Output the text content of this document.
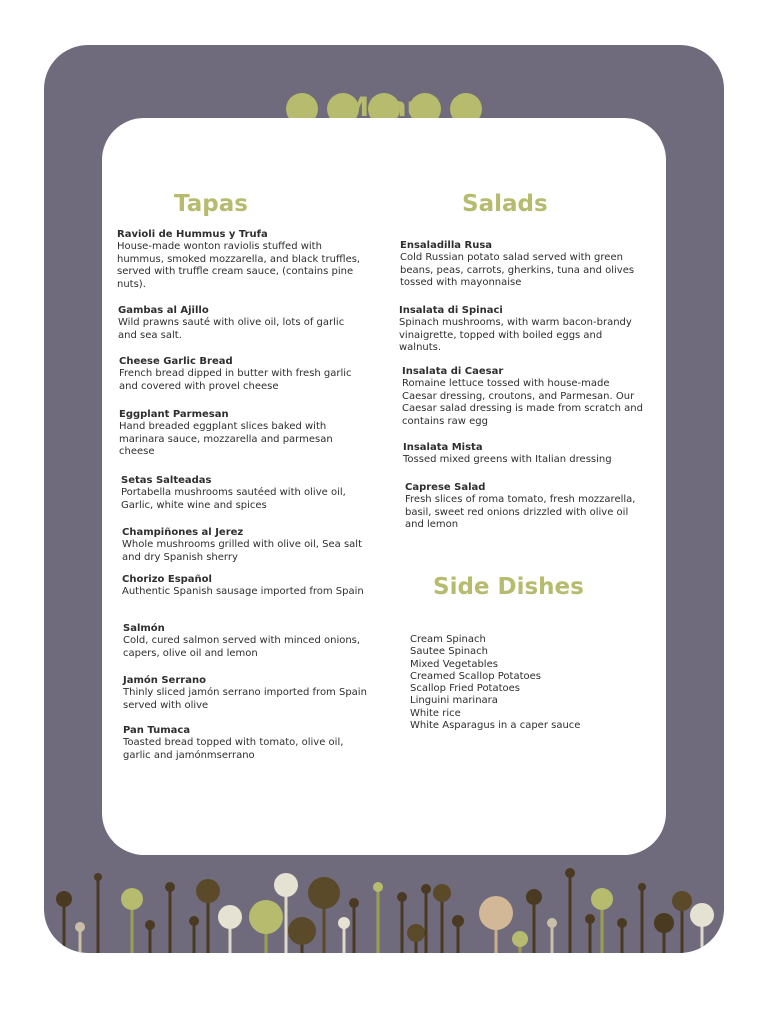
Menu
Tapas	Salads
Side Dishes

Ravioli de Hummus y Trufa

House-made wonton raviolis stuffed with hummus, smoked mozzarella, and black truffles, served with truffle cream sauce, (contains pine nuts).

Gambas al Ajillo

Wild prawns sauté with olive oil, lots of garlic and sea salt.

Cheese Garlic Bread

French bread dipped in butter with fresh garlic and covered with provel cheese

Eggplant Parmesan

Hand breaded eggplant slices baked with marinara sauce, mozzarella and parmesan cheese

Setas Salteadas

Portabella mushrooms sautéed with olive oil, Garlic, white wine and spices

Champiñones al Jerez

Whole mushrooms grilled with olive oil, Sea salt and dry Spanish sherry

Chorizo Español

Authentic Spanish sausage imported from Spain

Salmón

Cold, cured salmon served with minced onions, capers, olive oil and lemon

Jamón Serrano

Thinly sliced jamón serrano imported from Spain served with olive

Pan Tumaca

Toasted bread topped with tomato, olive oil, garlic and jamónmserrano

Ensaladilla Rusa

Cold Russian potato salad served with green beans, peas, carrots, gherkins, tuna and olives tossed with mayonnaise

Insalata di Spinaci

Spinach mushrooms, with warm bacon-brandy vinaigrette, topped with boiled eggs and walnuts.

Insalata di Caesar

Romaine lettuce tossed with house-made Caesar dressing, croutons, and Parmesan. Our Caesar salad dressing is made from scratch and contains raw egg

Insalata Mista

Tossed mixed greens with Italian dressing

Caprese Salad

Fresh slices of roma tomato, fresh mozzarella, basil, sweet red onions drizzled with olive oil and lemon

Cream Spinach
Sautee Spinach
Mixed Vegetables
Creamed Scallop Potatoes
Scallop Fried Potatoes
Linguini marinara
White rice
White Asparagus in a caper sauce
